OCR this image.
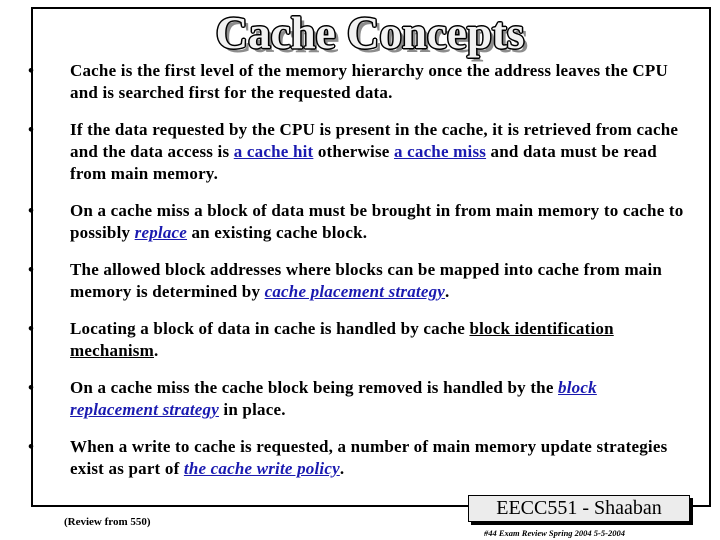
Cache Concepts
•	Cache is the first level of the memory hierarchy once the address leaves the CPU and is searched first for the requested data.
•	If the data requested by the CPU is present in the cache, it is retrieved from cache and the data access is a cache hit otherwise a cache miss and data must be read from main memory.
•	On a cache miss a block of data must be brought in from main memory to cache to possibly replace an existing cache block.
•	The allowed block addresses where blocks can be mapped into cache from main memory is determined by cache placement strategy.
•	Locating a block of data in cache is handled by cache block identification mechanism.
•	On a cache miss the cache block being removed is handled by the block replacement strategy in place.
•	When a write to cache is requested, a number of main memory update strategies exist as part of the cache write policy.
(Review from 550)
EECC551 - Shaaban
#44 Exam Review Spring 2004 5-5-2004
